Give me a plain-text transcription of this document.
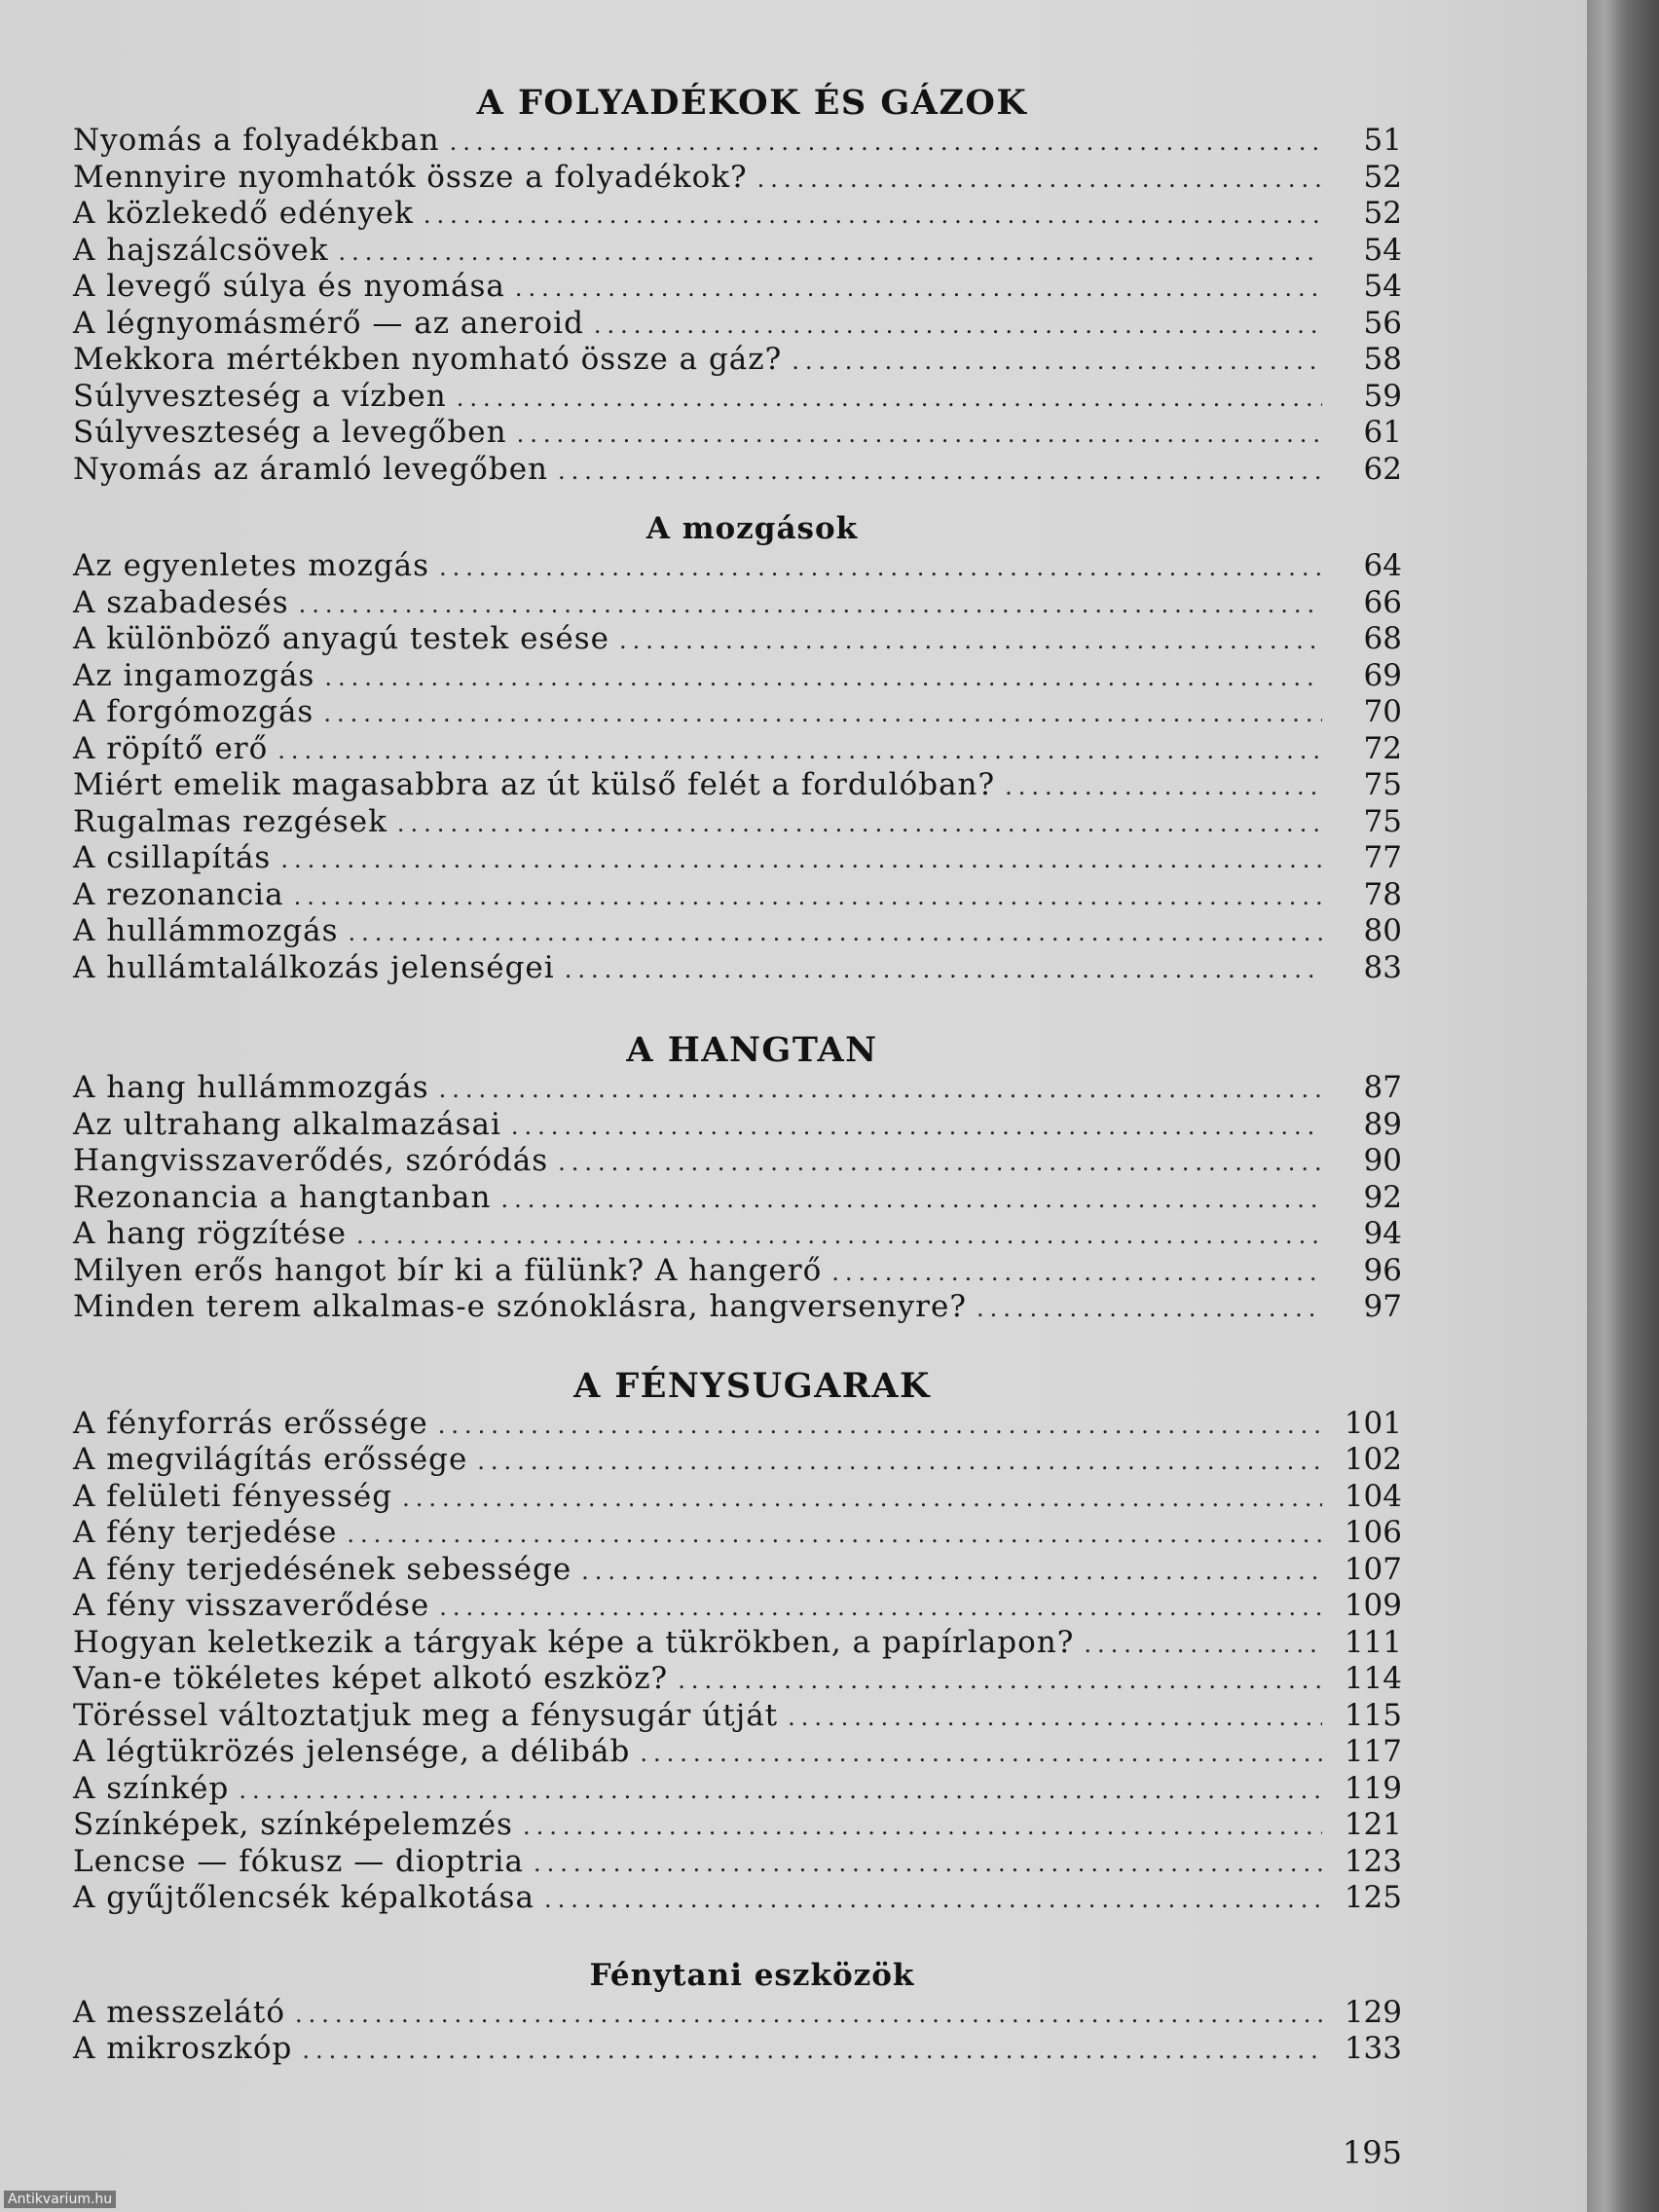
A FOLYADÉKOK ÉS GÁZOK
Nyomás a folyadékban .....	51
Mennyire nyomhatók össze a folyadékok? .....	52
A közlekedő edények .....	52
A hajszálcsövek .....	54
A levegő súlya és nyomása .....	54
A légnyomásmérő — az aneroid .....	56
Mekkora mértékben nyomható össze a gáz? .....	58
Súlyveszteség a vízben .....	59
Súlyveszteség a levegőben .....	61
Nyomás az áramló levegőben .....	62
A mozgások
Az egyenletes mozgás .....	64
A szabadesés .....	66
A különböző anyagú testek esése .....	68
Az ingamozgás .....	69
A forgómozgás .....	70
A röpítő erő .....	72
Miért emelik magasabbra az út külső felét a fordulóban? .....	75
Rugalmas rezgések .....	75
A csillapítás .....	77
A rezonancia .....	78
A hullámmozgás .....	80
A hullámtalálkozás jelenségei .....	83
A HANGTAN
A hang hullámmozgás .....	87
Az ultrahang alkalmazásai .....	89
Hangvisszaverődés, szóródás .....	90
Rezonancia a hangtanban .....	92
A hang rögzítése .....	94
Milyen erős hangot bír ki a fülünk? A hangerő .....	96
Minden terem alkalmas-e szónoklásra, hangversenyre? .....	97
A FÉNYSUGARAK
A fényforrás erőssége .....	101
A megvilágítás erőssége .....	102
A felületi fényesség .....	104
A fény terjedése .....	106
A fény terjedésének sebessége .....	107
A fény visszaverődése .....	109
Hogyan keletkezik a tárgyak képe a tükrökben, a papírlapon? .....	111
Van-e tökéletes képet alkotó eszköz? .....	114
Töréssel változtatjuk meg a fénysugár útját .....	115
A légtükrözés jelensége, a délibáb .....	117
A színkép .....	119
Színképek, színképelemzés .....	121
Lencse — fókusz — dioptria .....	123
A gyűjtőlencsék képalkotása .....	125
Fénytani eszközök
A messzelátó .....	129
A mikroszkóp .....	133
195
Antikvarium.hu
